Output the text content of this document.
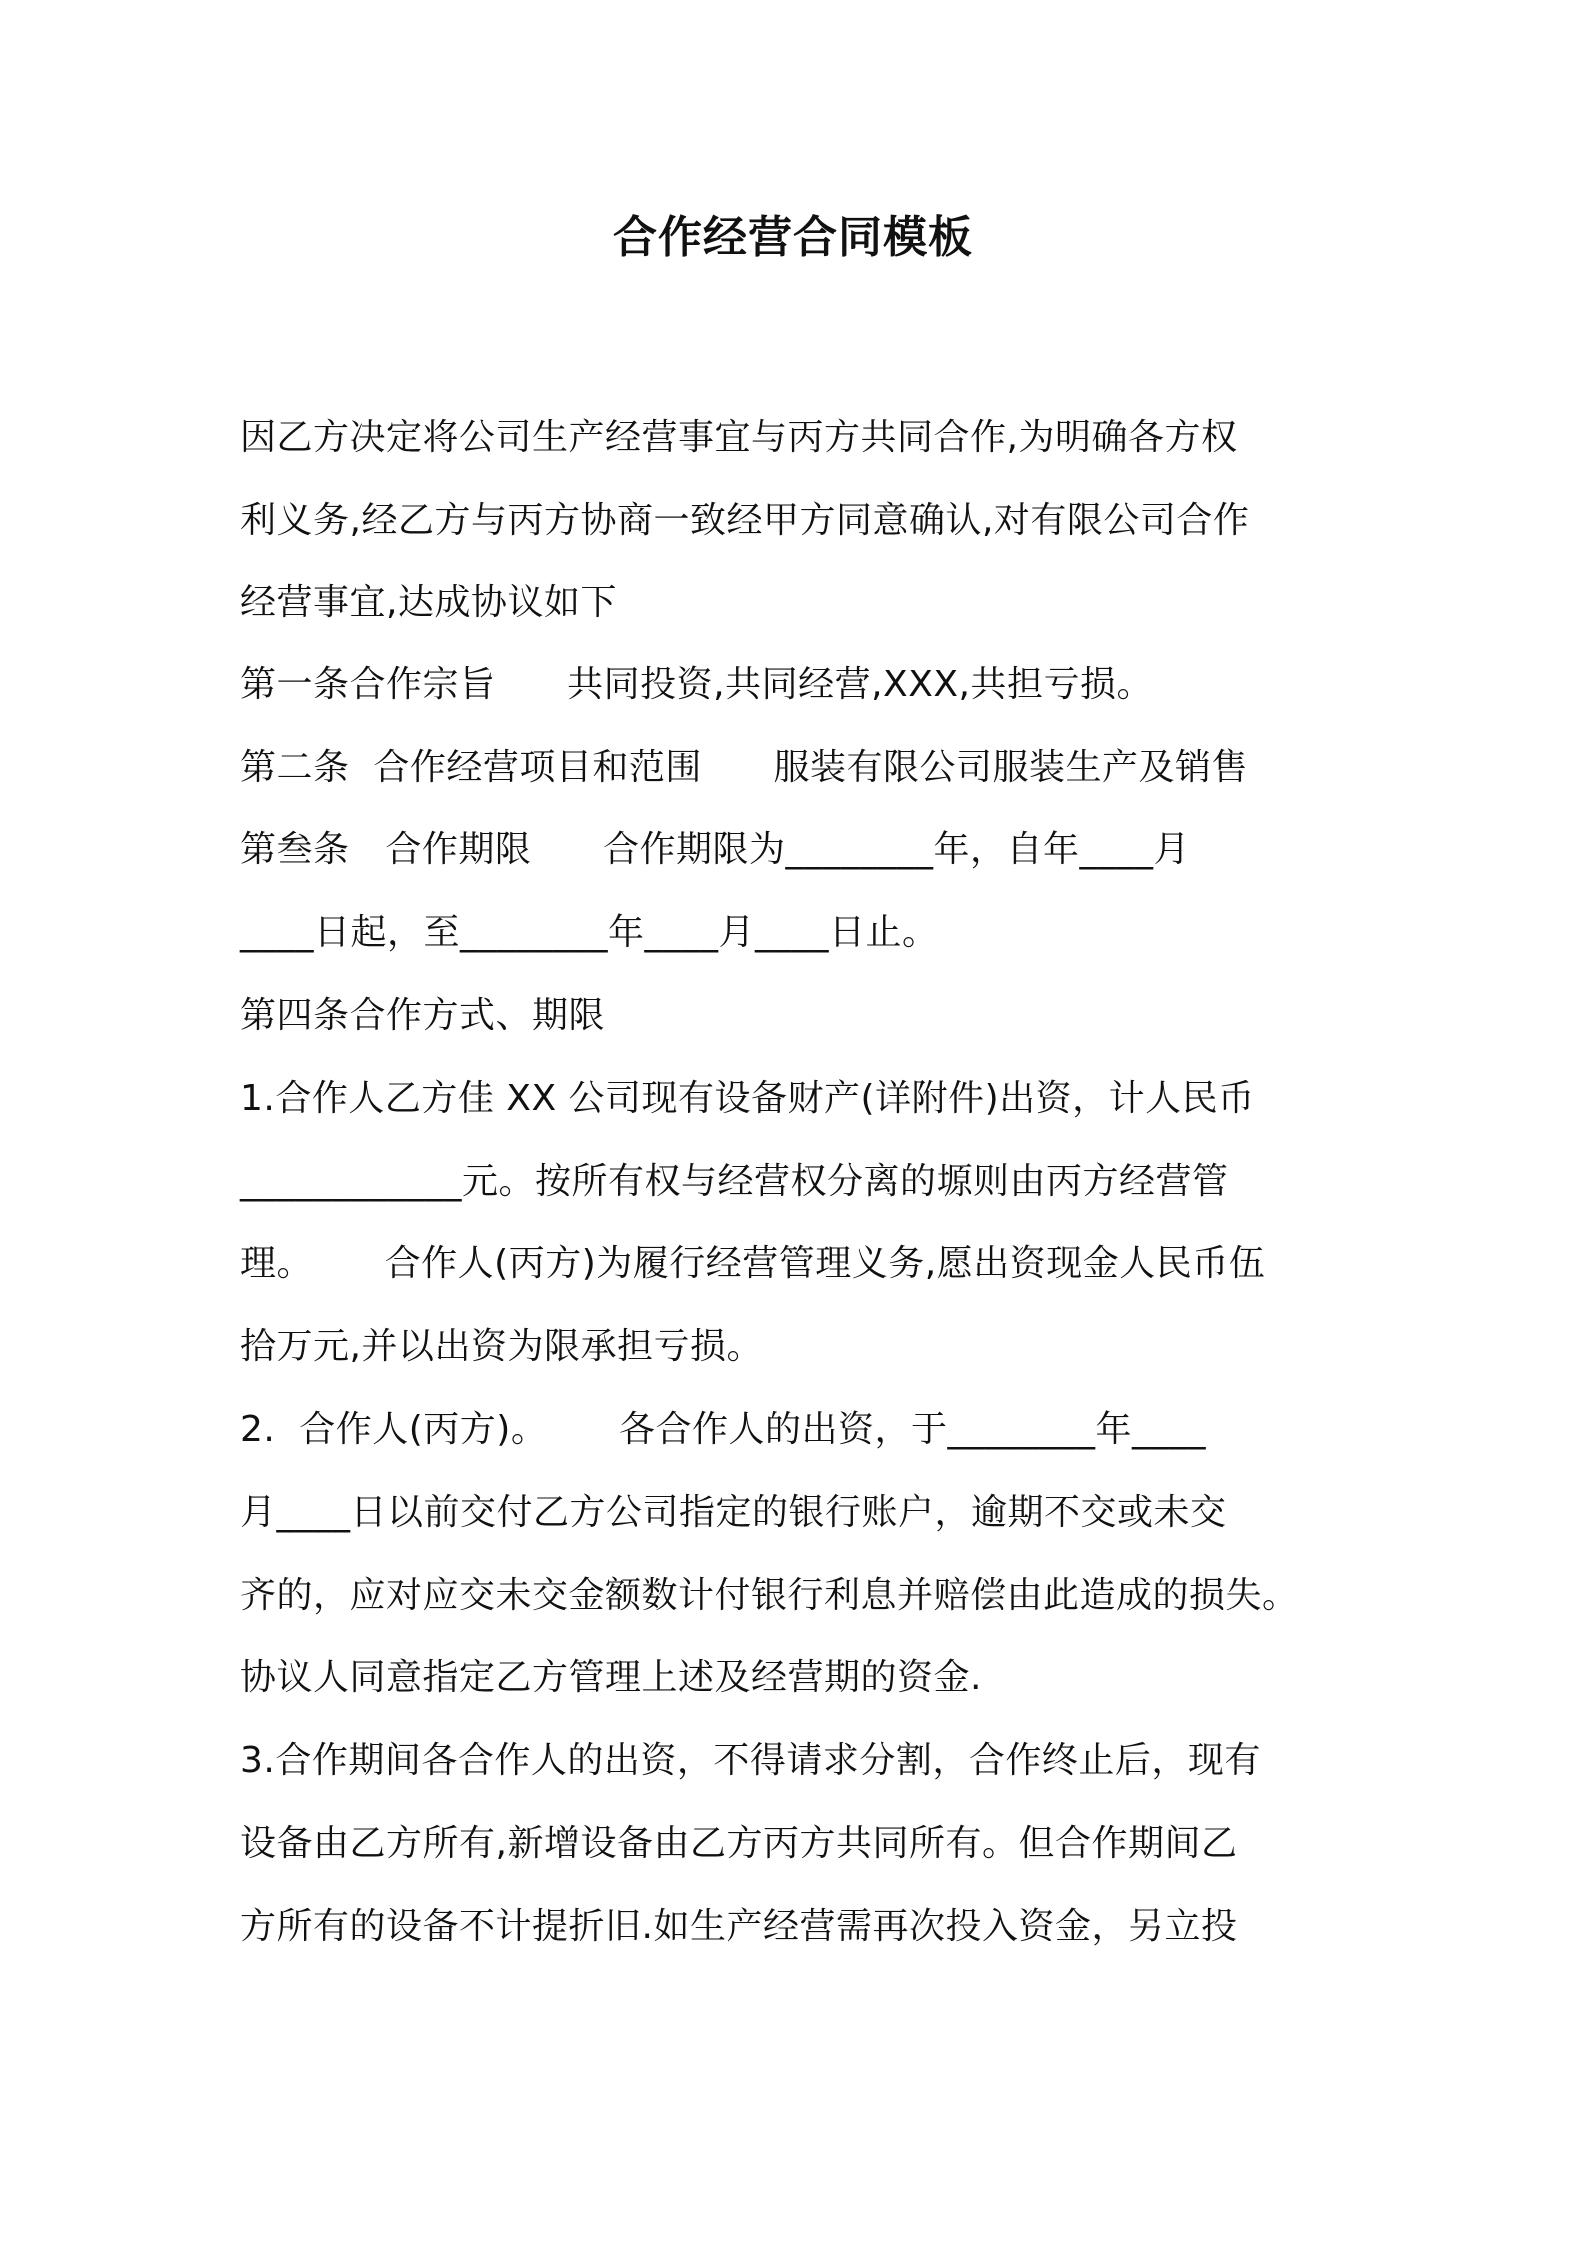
合作经营合同模板
因乙方决定将公司生产经营事宜与丙方共同合作,为明确各方权
利义务,经乙方与丙方协商一致经甲方同意确认,对有限公司合作
经营事宜,达成协议如下
第一条合作宗旨      共同投资,共同经营,XXX,共担亏损。
第二条  合作经营项目和范围      服装有限公司服装生产及销售
第叁条   合作期限      合作期限为________年，自年____月
____日起，至________年____月____日止。
第四条合作方式、期限
1.合作人乙方佳 XX 公司现有设备财产(详附件)出资，计人民币
____________元。按所有权与经营权分离的塬则由丙方经营管
理。      合作人(丙方)为履行经营管理义务,愿出资现金人民币伍
拾万元,并以出资为限承担亏损。
2.  合作人(丙方)。      各合作人的出资，于________年____
月____日以前交付乙方公司指定的银行账户，逾期不交或未交
齐的，应对应交未交金额数计付银行利息并赔偿由此造成的损失。
协议人同意指定乙方管理上述及经营期的资金.
3.合作期间各合作人的出资，不得请求分割，合作终止后，现有
设备由乙方所有,新增设备由乙方丙方共同所有。但合作期间乙
方所有的设备不计提折旧.如生产经营需再次投入资金，另立投
